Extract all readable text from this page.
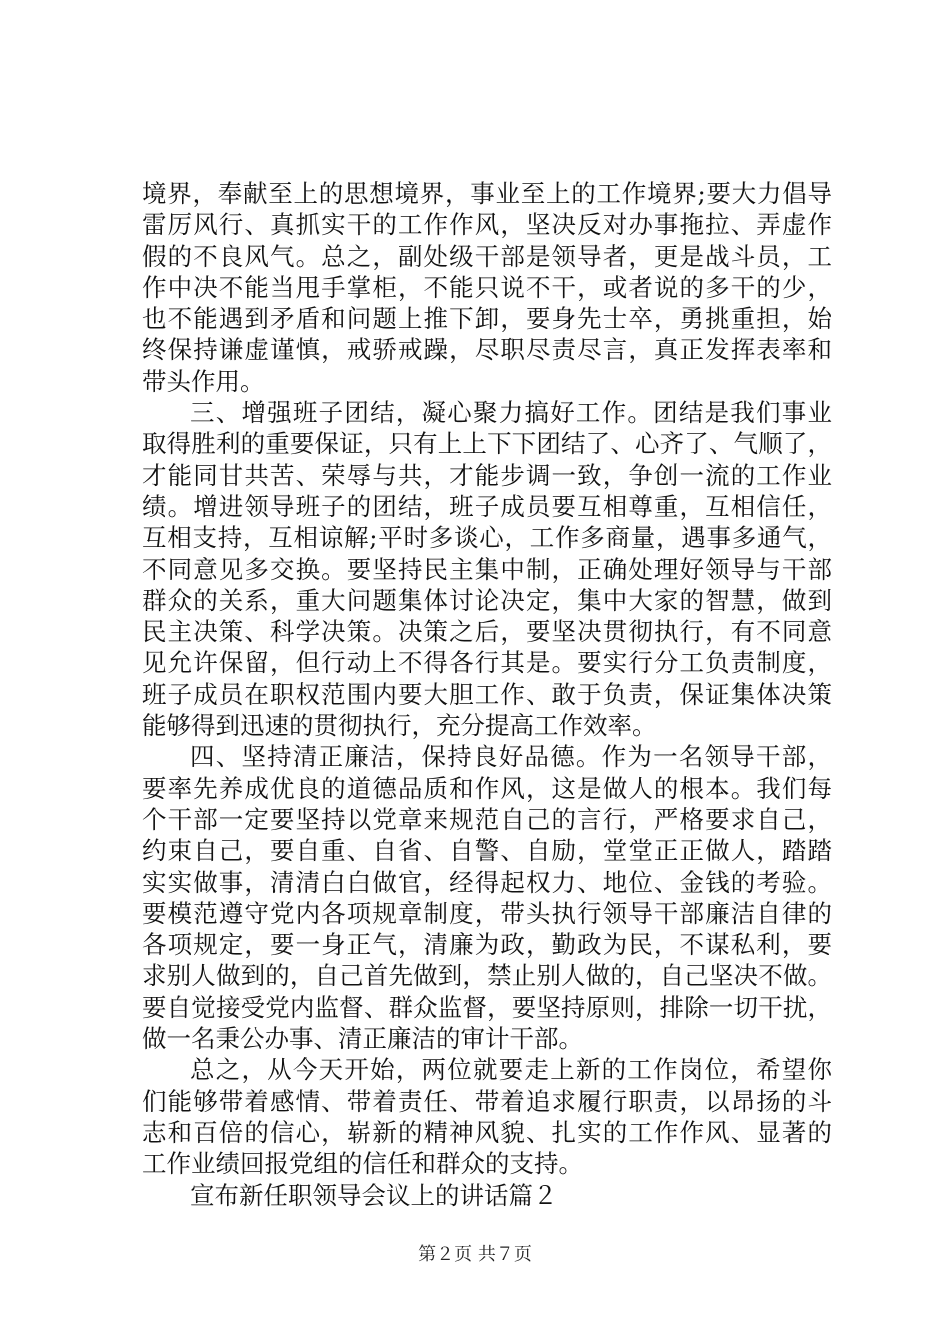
境界，奉献至上的思想境界，事业至上的工作境界;要大力倡导
雷厉风行、真抓实干的工作作风，坚决反对办事拖拉、弄虚作
假的不良风气。总之，副处级干部是领导者，更是战斗员，工
作中决不能当甩手掌柜，不能只说不干，或者说的多干的少，
也不能遇到矛盾和问题上推下卸，要身先士卒，勇挑重担，始
终保持谦虚谨慎，戒骄戒躁，尽职尽责尽言，真正发挥表率和
带头作用。
三、增强班子团结，凝心聚力搞好工作。团结是我们事业
取得胜利的重要保证，只有上上下下团结了、心齐了、气顺了，
才能同甘共苦、荣辱与共，才能步调一致，争创一流的工作业
绩。增进领导班子的团结，班子成员要互相尊重，互相信任，
互相支持，互相谅解;平时多谈心，工作多商量，遇事多通气，
不同意见多交换。要坚持民主集中制，正确处理好领导与干部
群众的关系，重大问题集体讨论决定，集中大家的智慧，做到
民主决策、科学决策。决策之后，要坚决贯彻执行，有不同意
见允许保留，但行动上不得各行其是。要实行分工负责制度，
班子成员在职权范围内要大胆工作、敢于负责，保证集体决策
能够得到迅速的贯彻执行，充分提高工作效率。
四、坚持清正廉洁，保持良好品德。作为一名领导干部，
要率先养成优良的道德品质和作风，这是做人的根本。我们每
个干部一定要坚持以党章来规范自己的言行，严格要求自己，
约束自己，要自重、自省、自警、自励，堂堂正正做人，踏踏
实实做事，清清白白做官，经得起权力、地位、金钱的考验。
要模范遵守党内各项规章制度，带头执行领导干部廉洁自律的
各项规定，要一身正气，清廉为政，勤政为民，不谋私利，要
求别人做到的，自己首先做到，禁止别人做的，自己坚决不做。
要自觉接受党内监督、群众监督，要坚持原则，排除一切干扰，
做一名秉公办事、清正廉洁的审计干部。
总之，从今天开始，两位就要走上新的工作岗位，希望你
们能够带着感情、带着责任、带着追求履行职责，以昂扬的斗
志和百倍的信心，崭新的精神风貌、扎实的工作作风、显著的
工作业绩回报党组的信任和群众的支持。
宣布新任职领导会议上的讲话篇２
第２页 共７页
